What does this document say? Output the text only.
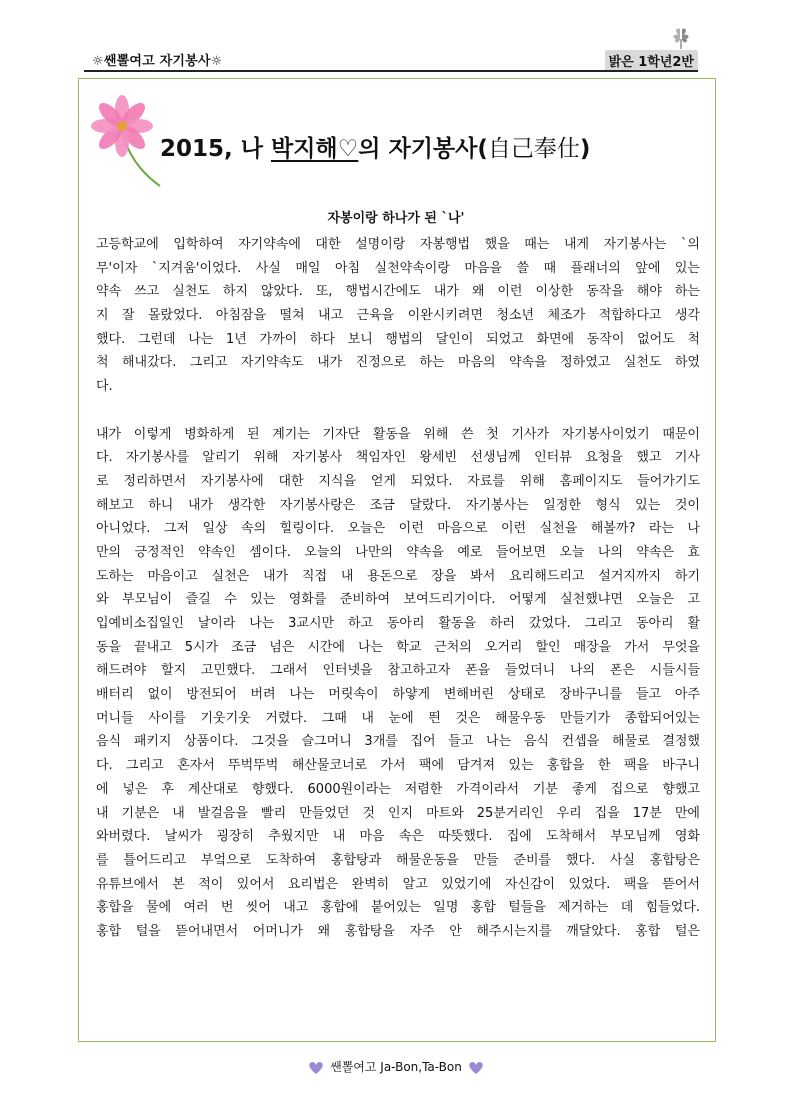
☼쌘뽈여고 자기봉사☼	밝은 1학년2반
2015, 나 박지해♡의 자기봉사(自己奉仕)
자봉이랑 하나가 된 `나'

고등학교에 입학하여 자기약속에 대한 설명이랑 자봉행법 했을 때는 내게 자기봉사는 `의

무'이자 `지겨움'이었다. 사실 매일 아침 실천약속이랑 마음을 쓸 때 플래너의 앞에 있는

약속 쓰고 실천도 하지 않았다. 또, 행법시간에도 내가 왜 이런 이상한 동작을 해야 하는

지 잘 몰랐었다. 아침잠을 떨쳐 내고 근육을 이완시키려면 청소년 체조가 적합하다고 생각

했다. 그런데 나는 1년 가까이 하다 보니 행법의 달인이 되었고 화면에 동작이 없어도 척

척 해내갔다. 그리고 자기약속도 내가 진정으로 하는 마음의 약속을 정하였고 실천도 하였

다.

내가 이렇게 병화하게 된 계기는 기자단 활동을 위해 쓴 첫 기사가 자기봉사이었기 때문이

다. 자기봉사를 알리기 위해 자기봉사 책임자인 왕세빈 선생님께 인터뷰 요청을 했고 기사

로 정리하면서 자기봉사에 대한 지식을 얻게 되었다. 자료를 위해 홈페이지도 들어가기도

해보고 하니 내가 생각한 자기봉사랑은 조금 달랐다. 자기봉사는 일정한 형식 있는 것이

아니었다. 그저 일상 속의 힐링이다. 오늘은 이런 마음으로 이런 실천을 해볼까? 라는 나

만의 긍정적인 약속인 셈이다. 오늘의 나만의 약속을 예로 들어보면 오늘 나의 약속은 효

도하는 마음이고 실천은 내가 직접 내 용돈으로 장을 봐서 요리해드리고 설거지까지 하기

와 부모님이 즐길 수 있는 영화를 준비하여 보여드리기이다. 어떻게 실천했냐면 오늘은 고

입예비소집일인 날이라 나는 3교시만 하고 동아리 활동을 하러 갔었다. 그리고 동아리 활

동을 끝내고 5시가 조금 넘은 시간에 나는 학교 근처의 오거리 할인 매장을 가서 무엇을

해드려야 할지 고민했다. 그래서 인터넷을 참고하고자 폰을 들었더니 나의 폰은 시들시들

배터리 없이 방전되어 버려 나는 머릿속이 하얗게 변해버린 상태로 장바구니를 들고 아주

머니들 사이를 기웃기웃 거렸다. 그때 내 눈에 띈 것은 해물우동 만들기가 종합되어있는

음식 패키지 상품이다. 그것을 슬그머니 3개를 집어 들고 나는 음식 컨셉을 해물로 결정했

다. 그리고 혼자서 뚜벅뚜벅 해산물코너로 가서 팩에 담겨져 있는 홍합을 한 팩을 바구니

에 넣은 후 계산대로 향했다. 6000원이라는 저렴한 가격이라서 기분 좋게 집으로 향했고

내 기분은 내 발걸음을 빨리 만들었던 것 인지 마트와 25분거리인 우리 집을 17분 만에

와버렸다. 날씨가 굉장히 추웠지만 내 마음 속은 따뜻했다. 집에 도착해서 부모님께 영화

를 틀어드리고 부엌으로 도착하여 홍합탕과 해물운동을 만들 준비를 했다. 사실 홍합탕은

유튜브에서 본 적이 있어서 요리법은 완벽히 알고 있었기에 자신감이 있었다. 팩을 뜯어서

홍합을 물에 여러 번 씻어 내고 홍합에 붙어있는 일명 홍합 털들을 제거하는 데 힘들었다.

홍합 털을 뜯어내면서 어머니가 왜 홍합탕을 자주 안 해주시는지를 깨달았다. 홍합 털은

쌘뽈여고 Ja-Bon,Ta-Bon
